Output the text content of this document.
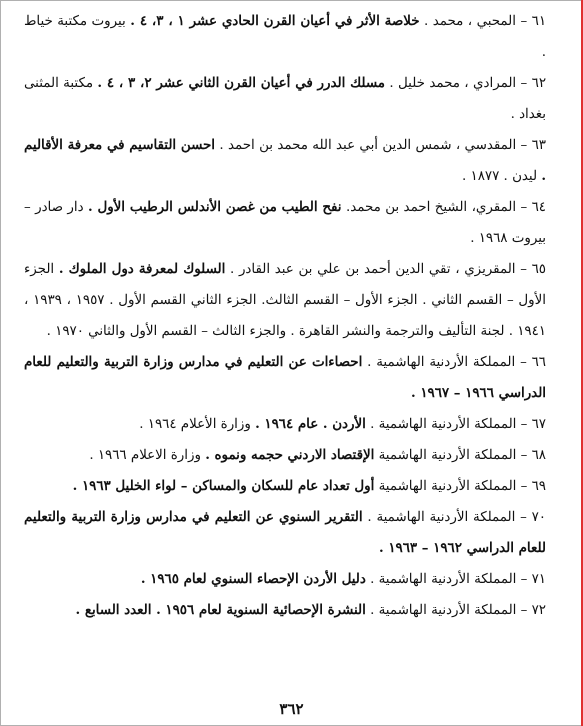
٦١ – المحبي ، محمد . خلاصة الأثر في أعيان القرن الحادي عشر ١ ، ٣، ٤ . بيروت مكتبة خياط .

٦٢ – المرادي ، محمد خليل . مسلك الدرر في أعيان القرن الثاني عشر ٢، ٣ ، ٤ . مكتبة المثنى بغداد .

٦٣ – المقدسي ، شمس الدين أبي عبد الله محمد بن احمد . احسن التقاسيم في معرفة الأقاليم . ليدن . ١٨٧٧ .

٦٤ – المقري، الشيخ احمد بن محمد. نفح الطيب من غصن الأندلس الرطيب الأول . دار صادر – بيروت ١٩٦٨ .

٦٥ – المقريزي ، تقي الدين أحمد بن علي بن عبد القادر . السلوك لمعرفة دول الملوك . الجزء الأول – القسم الثاني . الجزء الأول – القسم الثالث. الجزء الثاني القسم الأول . ١٩٥٧ ، ١٩٣٩ ، ١٩٤١ . لجنة التأليف والترجمة والنشر القاهرة . والجزء الثالث – القسم الأول والثاني ١٩٧٠ .

٦٦ – المملكة الأردنية الهاشمية . احصاءات عن التعليم في مدارس وزارة التربية والتعليم للعام الدراسي ١٩٦٦ – ١٩٦٧ .

٦٧ – المملكة الأردنية الهاشمية . الأردن . عام ١٩٦٤ . وزارة الأعلام ١٩٦٤ .

٦٨ – المملكة الأردنية الهاشمية الإقتصاد الاردني حجمه ونموه . وزارة الاعلام ١٩٦٦ .

٦٩ – المملكة الأردنية الهاشمية أول تعداد عام للسكان والمساكن – لواء الخليل ١٩٦٣ .

٧٠ – المملكة الأردنية الهاشمية . التقرير السنوي عن التعليم في مدارس وزارة التربية والتعليم للعام الدراسي ١٩٦٢ – ١٩٦٣ .

٧١ – المملكة الأردنية الهاشمية . دليل الأردن الإحصاء السنوي لعام ١٩٦٥ .

٧٢ – المملكة الأردنية الهاشمية . النشرة الإحصائية السنوية لعام ١٩٥٦ . العدد السابع .

٣٦٢
